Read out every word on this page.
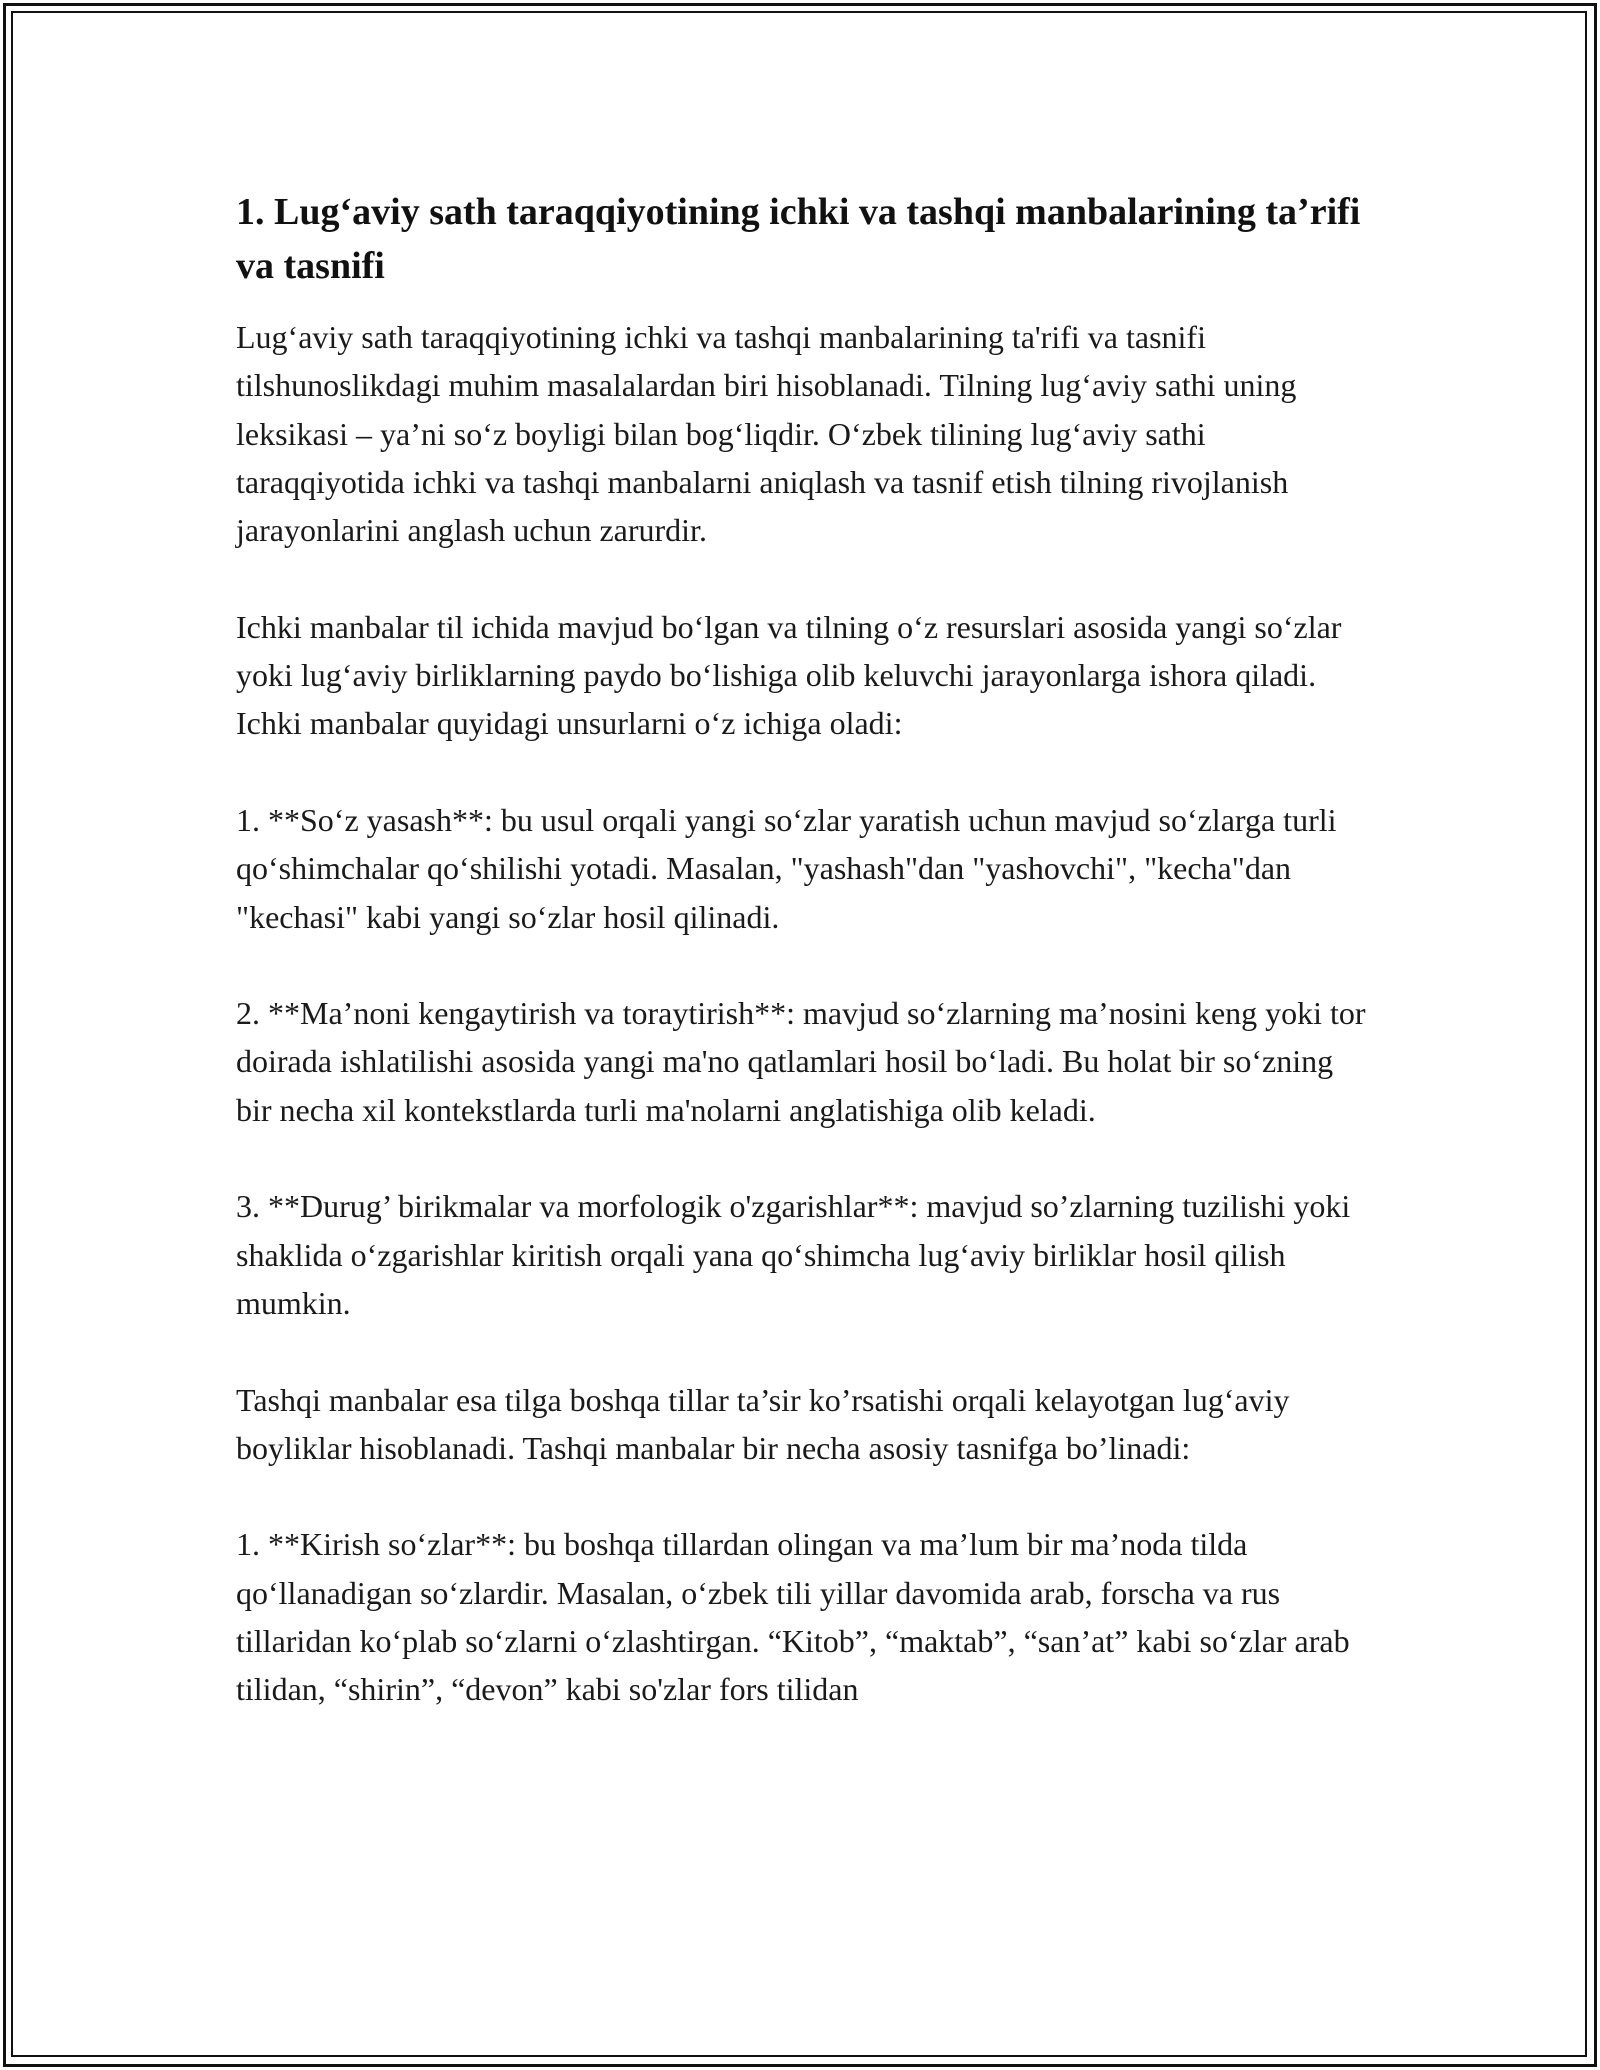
1. Lug‘aviy sath taraqqiyotining ichki va tashqi manbalarining ta’rifi va tasnifi

Lug‘aviy sath taraqqiyotining ichki va tashqi manbalarining ta'rifi va tasnifi tilshunoslikdagi muhim masalalardan biri hisoblanadi. Tilning lug‘aviy sathi uning leksikasi – ya’ni so‘z boyligi bilan bog‘liqdir. O‘zbek tilining lug‘aviy sathi taraqqiyotida ichki va tashqi manbalarni aniqlash va tasnif etish tilning rivojlanish jarayonlarini anglash uchun zarurdir.

Ichki manbalar til ichida mavjud bo‘lgan va tilning o‘z resurslari asosida yangi so‘zlar yoki lug‘aviy birliklarning paydo bo‘lishiga olib keluvchi jarayonlarga ishora qiladi. Ichki manbalar quyidagi unsurlarni o‘z ichiga oladi:

1. **So‘z yasash**: bu usul orqali yangi so‘zlar yaratish uchun mavjud so‘zlarga turli qo‘shimchalar qo‘shilishi yotadi. Masalan, "yashash"dan "yashovchi", "kecha"dan "kechasi" kabi yangi so‘zlar hosil qilinadi.

2. **Ma’noni kengaytirish va toraytirish**: mavjud so‘zlarning ma’nosini keng yoki tor doirada ishlatilishi asosida yangi ma'no qatlamlari hosil bo‘ladi. Bu holat bir so‘zning bir necha xil kontekstlarda turli ma'nolarni anglatishiga olib keladi.

3. **Durug’ birikmalar va morfologik o'zgarishlar**: mavjud so’zlarning tuzilishi yoki shaklida o‘zgarishlar kiritish orqali yana qo‘shimcha lug‘aviy birliklar hosil qilish mumkin.

Tashqi manbalar esa tilga boshqa tillar ta’sir ko’rsatishi orqali kelayotgan lug‘aviy boyliklar hisoblanadi. Tashqi manbalar bir necha asosiy tasnifga bo’linadi:

1. **Kirish so‘zlar**: bu boshqa tillardan olingan va ma’lum bir ma’noda tilda qo‘llanadigan so‘zlardir. Masalan, o‘zbek tili yillar davomida arab, forscha va rus tillaridan ko‘plab so‘zlarni o‘zlashtirgan. “Kitob”, “maktab”, “san’at” kabi so‘zlar arab tilidan, “shirin”, “devon” kabi so'zlar fors tilidan
